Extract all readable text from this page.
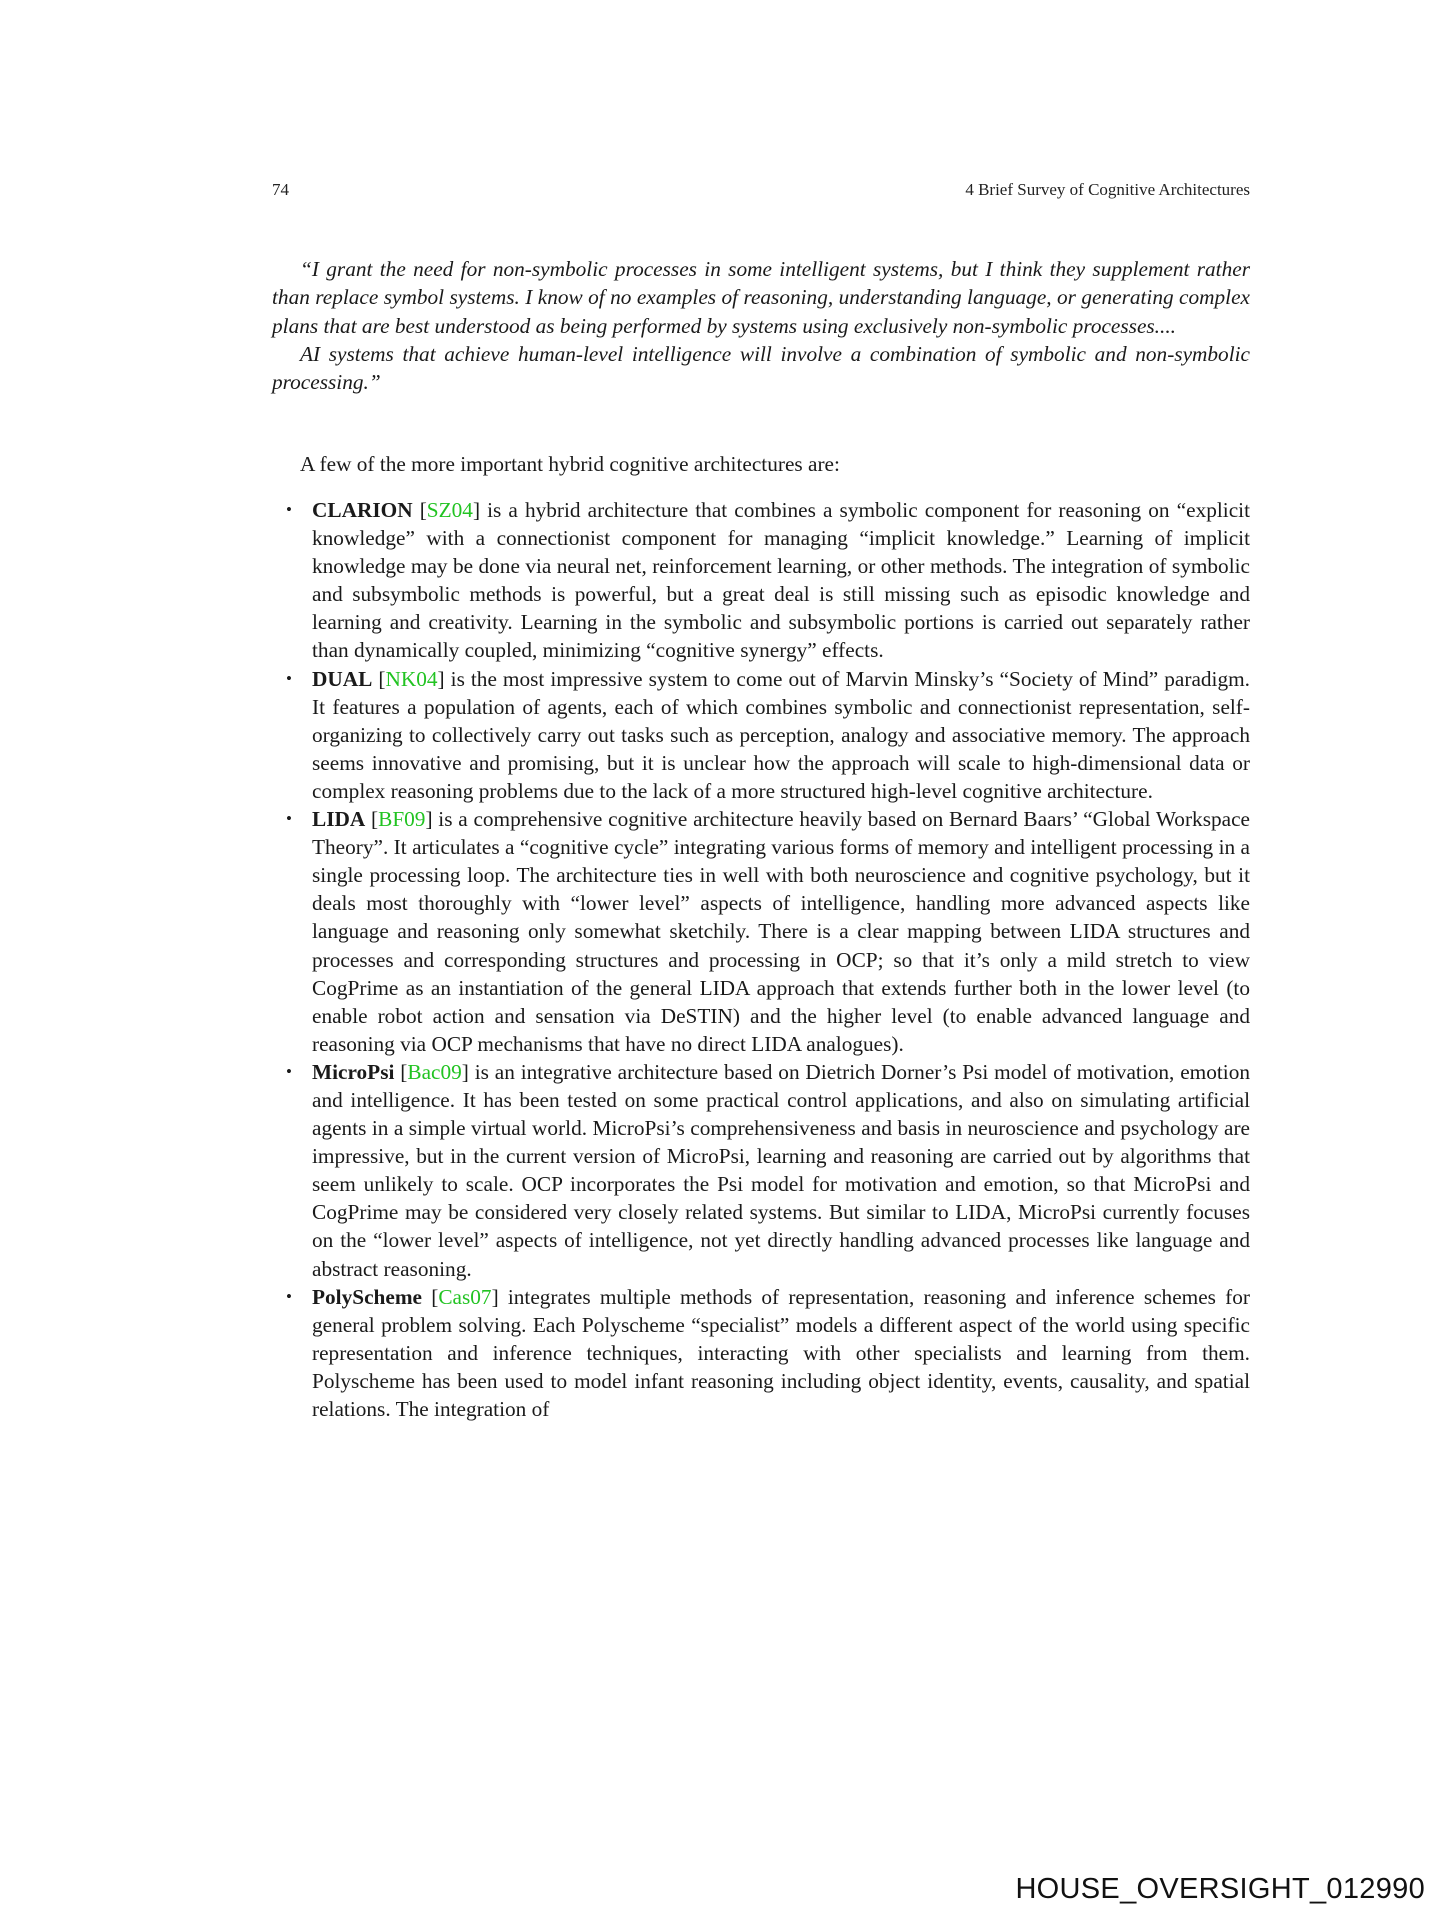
74	4 Brief Survey of Cognitive Architectures

“I grant the need for non-symbolic processes in some intelligent systems, but I think they supplement rather than replace symbol systems. I know of no examples of reasoning, understanding language, or generating complex plans that are best understood as being performed by systems using exclusively non-symbolic processes....

AI systems that achieve human-level intelligence will involve a combination of symbolic and non-symbolic processing.”

A few of the more important hybrid cognitive architectures are:
• CLARION [SZ04] is a hybrid architecture that combines a symbolic component for reasoning on “explicit knowledge” with a connectionist component for managing “implicit knowledge.” Learning of implicit knowledge may be done via neural net, reinforcement learning, or other methods. The integration of symbolic and subsymbolic methods is powerful, but a great deal is still missing such as episodic knowledge and learning and creativity. Learning in the symbolic and subsymbolic portions is carried out separately rather than dynamically coupled, minimizing “cognitive synergy” effects.
• DUAL [NK04] is the most impressive system to come out of Marvin Minsky’s “Society of Mind” paradigm. It features a population of agents, each of which combines symbolic and connectionist representation, self-organizing to collectively carry out tasks such as perception, analogy and associative memory. The approach seems innovative and promising, but it is unclear how the approach will scale to high-dimensional data or complex reasoning problems due to the lack of a more structured high-level cognitive architecture.
• LIDA [BF09] is a comprehensive cognitive architecture heavily based on Bernard Baars’ “Global Workspace Theory”. It articulates a “cognitive cycle” integrating various forms of memory and intelligent processing in a single processing loop. The architecture ties in well with both neuroscience and cognitive psychology, but it deals most thoroughly with “lower level” aspects of intelligence, handling more advanced aspects like language and reasoning only somewhat sketchily. There is a clear mapping between LIDA structures and processes and corresponding structures and processing in OCP; so that it’s only a mild stretch to view CogPrime as an instantiation of the general LIDA approach that extends further both in the lower level (to enable robot action and sensation via DeSTIN) and the higher level (to enable advanced language and reasoning via OCP mechanisms that have no direct LIDA analogues).
• MicroPsi [Bac09] is an integrative architecture based on Dietrich Dorner’s Psi model of motivation, emotion and intelligence. It has been tested on some practical control applications, and also on simulating artificial agents in a simple virtual world. MicroPsi’s comprehensiveness and basis in neuroscience and psychology are impressive, but in the current version of MicroPsi, learning and reasoning are carried out by algorithms that seem unlikely to scale. OCP incorporates the Psi model for motivation and emotion, so that MicroPsi and CogPrime may be considered very closely related systems. But similar to LIDA, MicroPsi currently focuses on the “lower level” aspects of intelligence, not yet directly handling advanced processes like language and abstract reasoning.
• PolyScheme [Cas07] integrates multiple methods of representation, reasoning and inference schemes for general problem solving. Each Polyscheme “specialist” models a different aspect of the world using specific representation and inference techniques, interacting with other specialists and learning from them. Polyscheme has been used to model infant reasoning including object identity, events, causality, and spatial relations. The integration of
HOUSE_OVERSIGHT_012990
